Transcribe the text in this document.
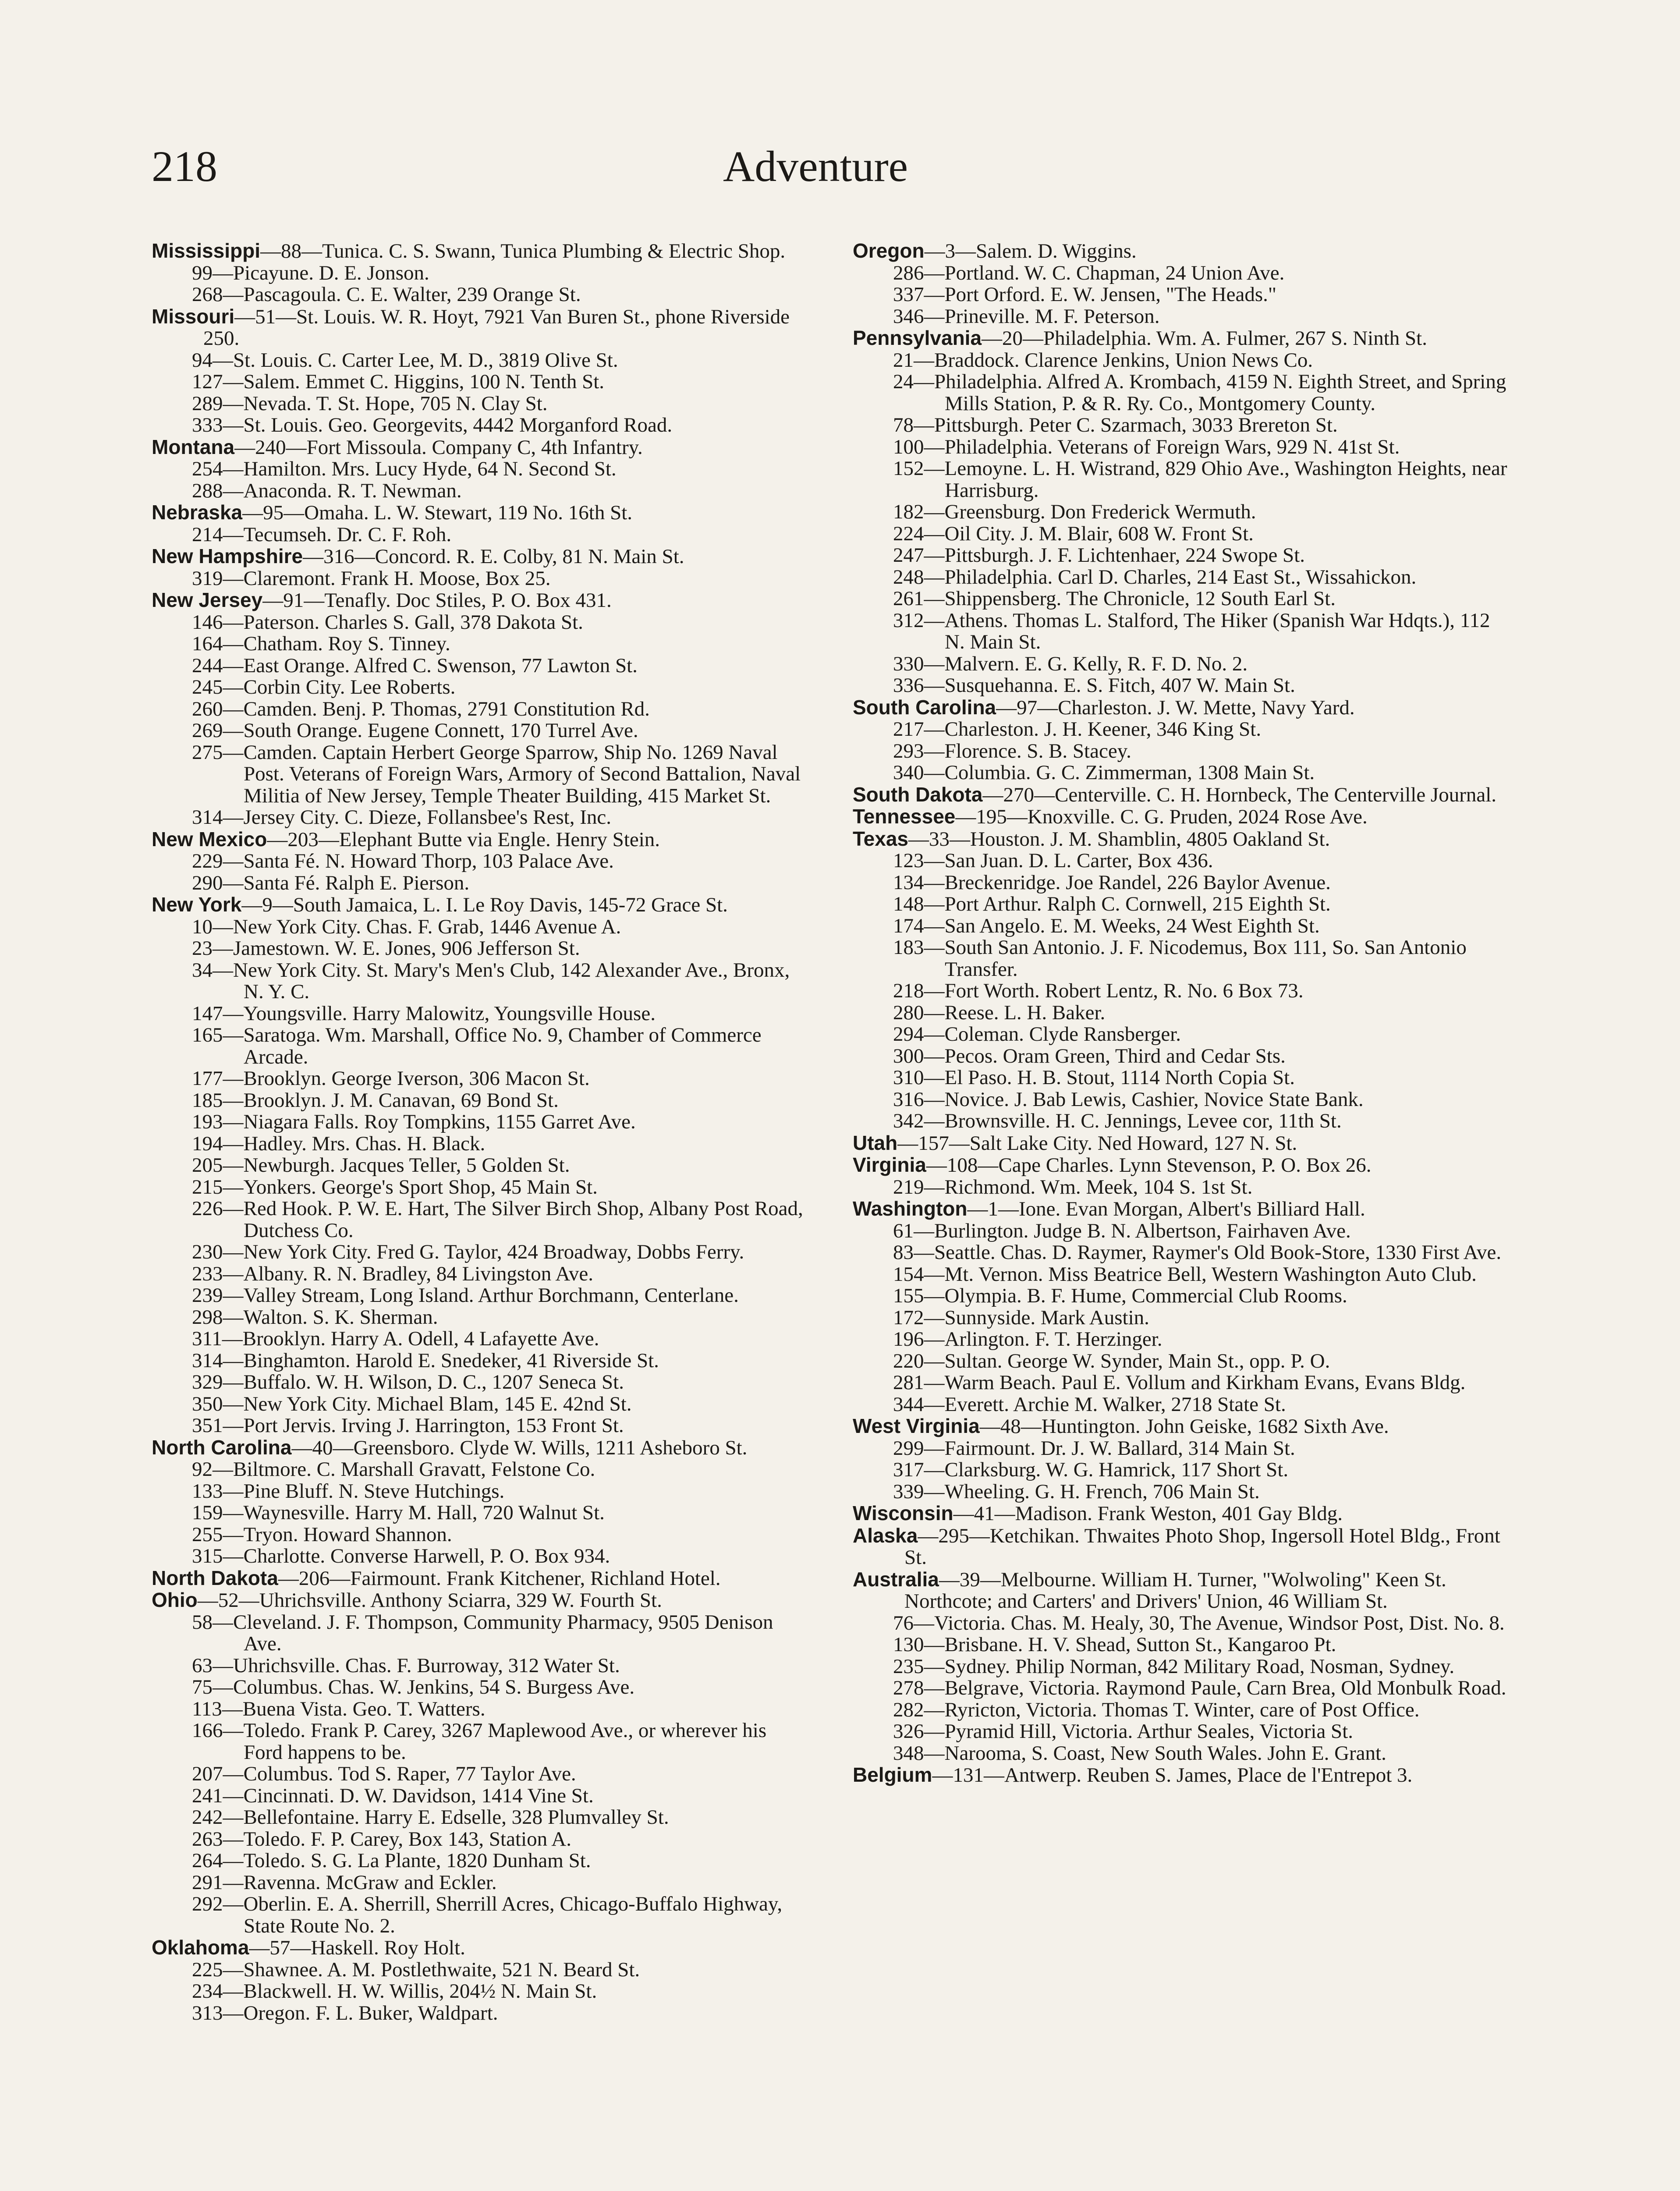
218	Adventure

Mississippi—88—Tunica. C. S. Swann, Tunica Plumbing & Electric Shop.

99—Picayune. D. E. Jonson.

268—Pascagoula. C. E. Walter, 239 Orange St.

Missouri—51—St. Louis. W. R. Hoyt, 7921 Van Buren St., phone Riverside 250.

94—St. Louis. C. Carter Lee, M. D., 3819 Olive St.

127—Salem. Emmet C. Higgins, 100 N. Tenth St.

289—Nevada. T. St. Hope, 705 N. Clay St.

333—St. Louis. Geo. Georgevits, 4442 Morganford Road.

Montana—240—Fort Missoula. Company C, 4th Infantry.

254—Hamilton. Mrs. Lucy Hyde, 64 N. Second St.

288—Anaconda. R. T. Newman.

Nebraska—95—Omaha. L. W. Stewart, 119 No. 16th St.

214—Tecumseh. Dr. C. F. Roh.

New Hampshire—316—Concord. R. E. Colby, 81 N. Main St.

319—Claremont. Frank H. Moose, Box 25.

New Jersey—91—Tenafly. Doc Stiles, P. O. Box 431.

146—Paterson. Charles S. Gall, 378 Dakota St.

164—Chatham. Roy S. Tinney.

244—East Orange. Alfred C. Swenson, 77 Lawton St.

245—Corbin City. Lee Roberts.

260—Camden. Benj. P. Thomas, 2791 Constitution Rd.

269—South Orange. Eugene Connett, 170 Turrel Ave.

275—Camden. Captain Herbert George Sparrow, Ship No. 1269 Naval Post. Veterans of Foreign Wars, Armory of Second Battalion, Naval Militia of New Jersey, Temple Theater Building, 415 Market St.

314—Jersey City. C. Dieze, Follansbee's Rest, Inc.

New Mexico—203—Elephant Butte via Engle. Henry Stein.

229—Santa Fé. N. Howard Thorp, 103 Palace Ave.

290—Santa Fé. Ralph E. Pierson.

New York—9—South Jamaica, L. I. Le Roy Davis, 145-72 Grace St.

10—New York City. Chas. F. Grab, 1446 Avenue A.

23—Jamestown. W. E. Jones, 906 Jefferson St.

34—New York City. St. Mary's Men's Club, 142 Alexander Ave., Bronx, N. Y. C.

147—Youngsville. Harry Malowitz, Youngsville House.

165—Saratoga. Wm. Marshall, Office No. 9, Chamber of Commerce Arcade.

177—Brooklyn. George Iverson, 306 Macon St.

185—Brooklyn. J. M. Canavan, 69 Bond St.

193—Niagara Falls. Roy Tompkins, 1155 Garret Ave.

194—Hadley. Mrs. Chas. H. Black.

205—Newburgh. Jacques Teller, 5 Golden St.

215—Yonkers. George's Sport Shop, 45 Main St.

226—Red Hook. P. W. E. Hart, The Silver Birch Shop, Albany Post Road, Dutchess Co.

230—New York City. Fred G. Taylor, 424 Broadway, Dobbs Ferry.

233—Albany. R. N. Bradley, 84 Livingston Ave.

239—Valley Stream, Long Island. Arthur Borchmann, Centerlane.

298—Walton. S. K. Sherman.

311—Brooklyn. Harry A. Odell, 4 Lafayette Ave.

314—Binghamton. Harold E. Snedeker, 41 Riverside St.

329—Buffalo. W. H. Wilson, D. C., 1207 Seneca St.

350—New York City. Michael Blam, 145 E. 42nd St.

351—Port Jervis. Irving J. Harrington, 153 Front St.

North Carolina—40—Greensboro. Clyde W. Wills, 1211 Asheboro St.

92—Biltmore. C. Marshall Gravatt, Felstone Co.

133—Pine Bluff. N. Steve Hutchings.

159—Waynesville. Harry M. Hall, 720 Walnut St.

255—Tryon. Howard Shannon.

315—Charlotte. Converse Harwell, P. O. Box 934.

North Dakota—206—Fairmount. Frank Kitchener, Richland Hotel.

Ohio—52—Uhrichsville. Anthony Sciarra, 329 W. Fourth St.

58—Cleveland. J. F. Thompson, Community Pharmacy, 9505 Denison Ave.

63—Uhrichsville. Chas. F. Burroway, 312 Water St.

75—Columbus. Chas. W. Jenkins, 54 S. Burgess Ave.

113—Buena Vista. Geo. T. Watters.

166—Toledo. Frank P. Carey, 3267 Maplewood Ave., or wherever his Ford happens to be.

207—Columbus. Tod S. Raper, 77 Taylor Ave.

241—Cincinnati. D. W. Davidson, 1414 Vine St.

242—Bellefontaine. Harry E. Edselle, 328 Plumvalley St.

263—Toledo. F. P. Carey, Box 143, Station A.

264—Toledo. S. G. La Plante, 1820 Dunham St.

291—Ravenna. McGraw and Eckler.

292—Oberlin. E. A. Sherrill, Sherrill Acres, Chicago-Buffalo Highway, State Route No. 2.

Oklahoma—57—Haskell. Roy Holt.

225—Shawnee. A. M. Postlethwaite, 521 N. Beard St.

234—Blackwell. H. W. Willis, 204½ N. Main St.

313—Oregon. F. L. Buker, Waldpart.

Oregon—3—Salem. D. Wiggins.

286—Portland. W. C. Chapman, 24 Union Ave.

337—Port Orford. E. W. Jensen, "The Heads."

346—Prineville. M. F. Peterson.

Pennsylvania—20—Philadelphia. Wm. A. Fulmer, 267 S. Ninth St.

21—Braddock. Clarence Jenkins, Union News Co.

24—Philadelphia. Alfred A. Krombach, 4159 N. Eighth Street, and Spring Mills Station, P. & R. Ry. Co., Montgomery County.

78—Pittsburgh. Peter C. Szarmach, 3033 Brereton St.

100—Philadelphia. Veterans of Foreign Wars, 929 N. 41st St.

152—Lemoyne. L. H. Wistrand, 829 Ohio Ave., Washington Heights, near Harrisburg.

182—Greensburg. Don Frederick Wermuth.

224—Oil City. J. M. Blair, 608 W. Front St.

247—Pittsburgh. J. F. Lichtenhaer, 224 Swope St.

248—Philadelphia. Carl D. Charles, 214 East St., Wissahickon.

261—Shippensberg. The Chronicle, 12 South Earl St.

312—Athens. Thomas L. Stalford, The Hiker (Spanish War Hdqts.), 112 N. Main St.

330—Malvern. E. G. Kelly, R. F. D. No. 2.

336—Susquehanna. E. S. Fitch, 407 W. Main St.

South Carolina—97—Charleston. J. W. Mette, Navy Yard.

217—Charleston. J. H. Keener, 346 King St.

293—Florence. S. B. Stacey.

340—Columbia. G. C. Zimmerman, 1308 Main St.

South Dakota—270—Centerville. C. H. Hornbeck, The Centerville Journal.

Tennessee—195—Knoxville. C. G. Pruden, 2024 Rose Ave.

Texas—33—Houston. J. M. Shamblin, 4805 Oakland St.

123—San Juan. D. L. Carter, Box 436.

134—Breckenridge. Joe Randel, 226 Baylor Avenue.

148—Port Arthur. Ralph C. Cornwell, 215 Eighth St.

174—San Angelo. E. M. Weeks, 24 West Eighth St.

183—South San Antonio. J. F. Nicodemus, Box 111, So. San Antonio Transfer.

218—Fort Worth. Robert Lentz, R. No. 6 Box 73.

280—Reese. L. H. Baker.

294—Coleman. Clyde Ransberger.

300—Pecos. Oram Green, Third and Cedar Sts.

310—El Paso. H. B. Stout, 1114 North Copia St.

316—Novice. J. Bab Lewis, Cashier, Novice State Bank.

342—Brownsville. H. C. Jennings, Levee cor, 11th St.

Utah—157—Salt Lake City. Ned Howard, 127 N. St.

Virginia—108—Cape Charles. Lynn Stevenson, P. O. Box 26.

219—Richmond. Wm. Meek, 104 S. 1st St.

Washington—1—Ione. Evan Morgan, Albert's Billiard Hall.

61—Burlington. Judge B. N. Albertson, Fairhaven Ave.

83—Seattle. Chas. D. Raymer, Raymer's Old Book-Store, 1330 First Ave.

154—Mt. Vernon. Miss Beatrice Bell, Western Washington Auto Club.

155—Olympia. B. F. Hume, Commercial Club Rooms.

172—Sunnyside. Mark Austin.

196—Arlington. F. T. Herzinger.

220—Sultan. George W. Synder, Main St., opp. P. O.

281—Warm Beach. Paul E. Vollum and Kirkham Evans, Evans Bldg.

344—Everett. Archie M. Walker, 2718 State St.

West Virginia—48—Huntington. John Geiske, 1682 Sixth Ave.

299—Fairmount. Dr. J. W. Ballard, 314 Main St.

317—Clarksburg. W. G. Hamrick, 117 Short St.

339—Wheeling. G. H. French, 706 Main St.

Wisconsin—41—Madison. Frank Weston, 401 Gay Bldg.

Alaska—295—Ketchikan. Thwaites Photo Shop, Ingersoll Hotel Bldg., Front St.

Australia—39—Melbourne. William H. Turner, "Wolwoling" Keen St. Northcote; and Carters' and Drivers' Union, 46 William St.

76—Victoria. Chas. M. Healy, 30, The Avenue, Windsor Post, Dist. No. 8.

130—Brisbane. H. V. Shead, Sutton St., Kangaroo Pt.

235—Sydney. Philip Norman, 842 Military Road, Nosman, Sydney.

278—Belgrave, Victoria. Raymond Paule, Carn Brea, Old Monbulk Road.

282—Ryricton, Victoria. Thomas T. Winter, care of Post Office.

326—Pyramid Hill, Victoria. Arthur Seales, Victoria St.

348—Narooma, S. Coast, New South Wales. John E. Grant.

Belgium—131—Antwerp. Reuben S. James, Place de l'Entrepot 3.
